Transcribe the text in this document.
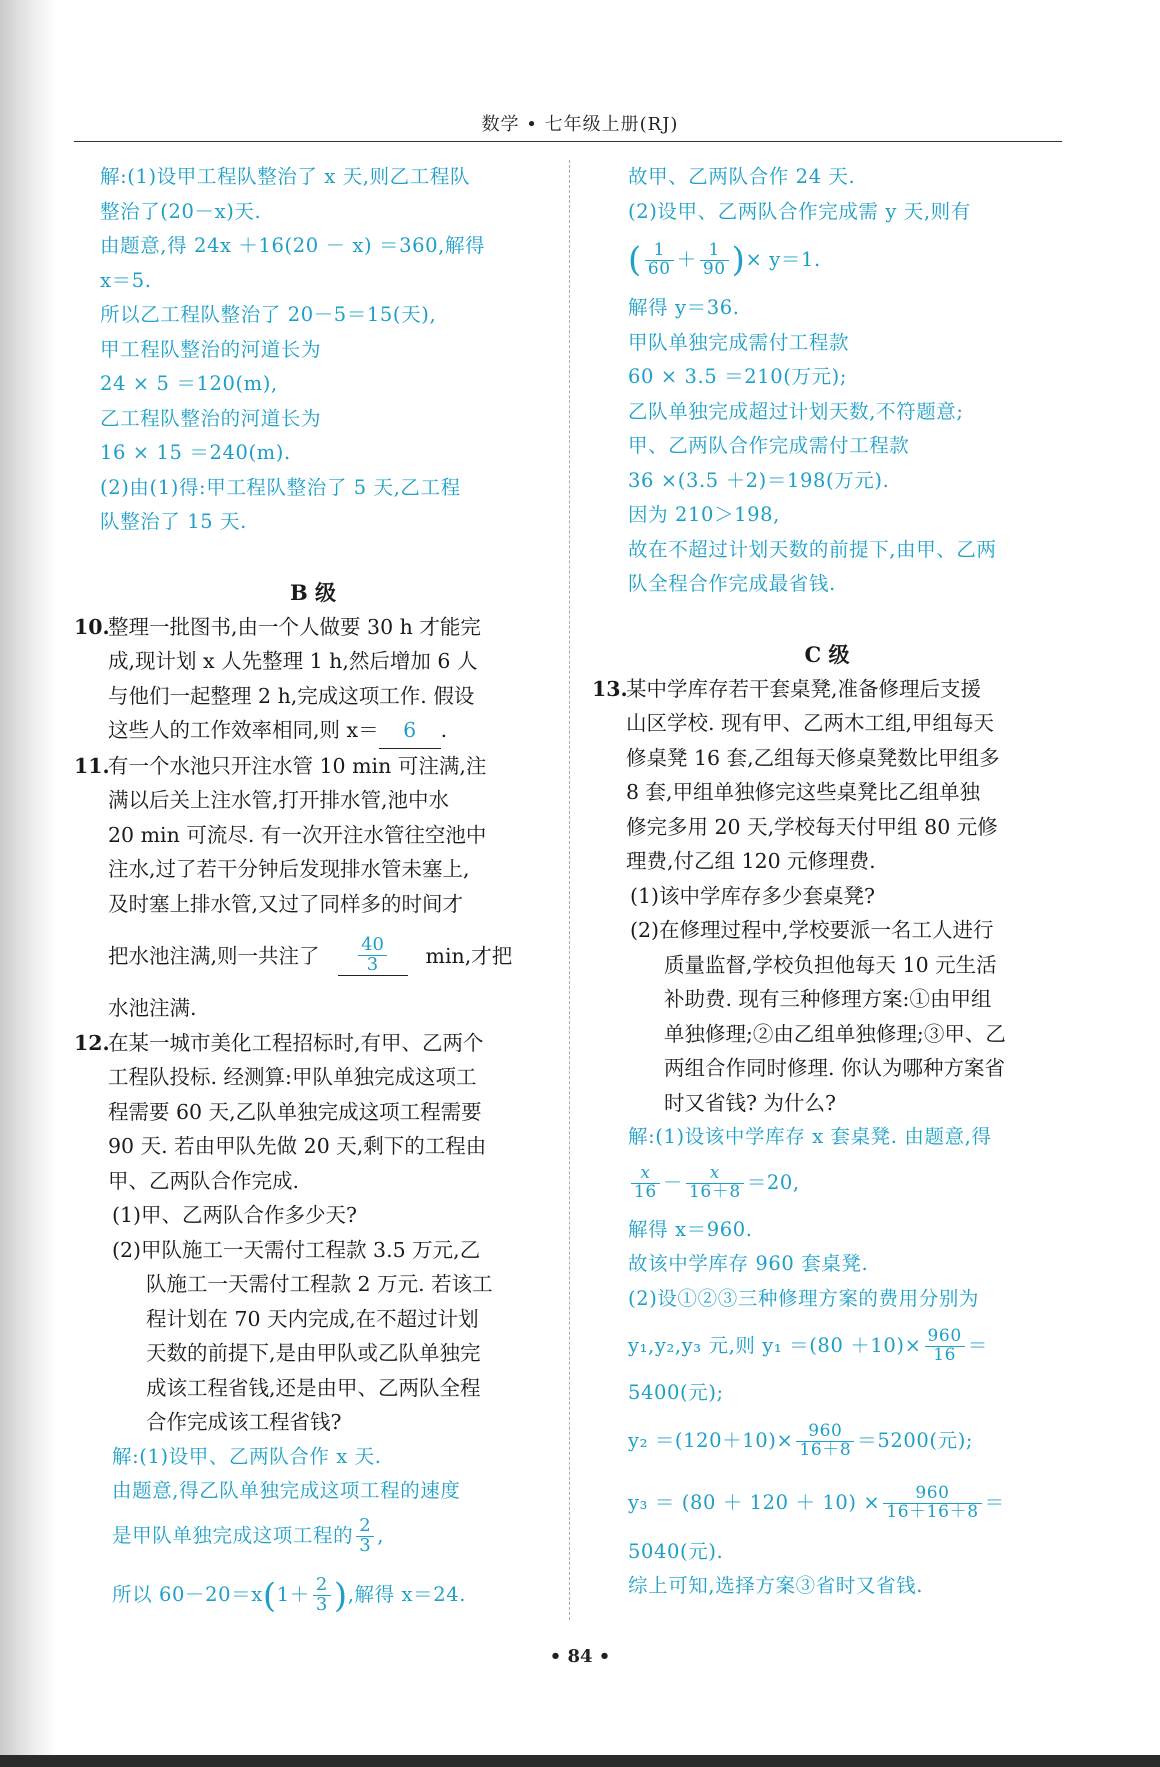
数学 • 七年级上册(RJ)
解:(1)设甲工程队整治了 x 天,则乙工程队
整治了(20－x)天.
由题意,得 24x ＋16(20 － x) ＝360,解得
x＝5.
所以乙工程队整治了 20－5＝15(天),
甲工程队整治的河道长为
24 × 5 ＝120(m),
乙工程队整治的河道长为
16 × 15 ＝240(m).
(2)由(1)得:甲工程队整治了 5 天,乙工程
队整治了 15 天.
B 级
10.
整理一批图书,由一个人做要 30 h 才能完
成,现计划 x 人先整理 1 h,然后增加 6 人
与他们一起整理 2 h,完成这项工作. 假设
这些人的工作效率相同,则 x＝ 6 .
11.
有一个水池只开注水管 10 min 可注满,注
满以后关上注水管,打开排水管,池中水
20 min 可流尽. 有一次开注水管往空池中
注水,过了若干分钟后发现排水管未塞上,
及时塞上排水管,又过了同样多的时间才
把水池注满,则一共注了 $\frac{40}{3} \min$,才把
水池注满.
12.
在某一城市美化工程招标时,有甲、乙两个
工程队投标. 经测算:甲队单独完成这项工
程需要 60 天,乙队单独完成这项工程需要
90 天. 若由甲队先做 20 天,剩下的工程由
甲、乙两队合作完成.
(1)甲、乙两队合作多少天?
(2)甲队施工一天需付工程款 3.5 万元,乙
队施工一天需付工程款 2 万元. 若该工
程计划在 70 天内完成,在不超过计划
天数的前提下,是由甲队或乙队单独完
成该工程省钱,还是由甲、乙两队全程
合作完成该工程省钱?
解:(1)设甲、乙两队合作 x 天.
由题意,得乙队单独完成这项工程的速度
是甲队单独完成这项工程的 $\frac{2}{3}$ ,
所以 60－20＝x ( $1+ \frac{2}{3}$ ) ,解得 x＝24.
故甲、乙两队合作 24 天.
(2)设甲、乙两队合作完成需 y 天,则有
( $\frac{1}{60} + \frac{1}{90}$ ) × y＝1.
解得 y＝36.
甲队单独完成需付工程款
60 × 3.5 ＝210(万元);
乙队单独完成超过计划天数,不符题意;
甲、乙两队合作完成需付工程款
36 ×(3.5 ＋2)＝198(万元).
因为 210＞198,
故在不超过计划天数的前提下,由甲、乙两
队全程合作完成最省钱.
C 级
13.
某中学库存若干套桌凳,准备修理后支援
山区学校. 现有甲、乙两木工组,甲组每天
修桌凳 16 套,乙组每天修桌凳数比甲组多
8 套,甲组单独修完这些桌凳比乙组单独
修完多用 20 天,学校每天付甲组 80 元修
理费,付乙组 120 元修理费.
(1)该中学库存多少套桌凳?
(2)在修理过程中,学校要派一名工人进行
质量监督,学校负担他每天 10 元生活
补助费. 现有三种修理方案:①由甲组
单独修理;②由乙组单独修理;③甲、乙
两组合作同时修理. 你认为哪种方案省
时又省钱? 为什么?
解:(1)设该中学库存 x 套桌凳. 由题意,得
$\frac{x}{16} - \frac{x}{16+8} =20$,
解得 x＝960.
故该中学库存 960 套桌凳.
(2)设①②③三种修理方案的费用分别为
y₁,y₂,y₃ 元,则 $y_1 =(80 +10)\times \frac{960}{16}$ ＝
5400(元);
$y_2 =(120+10)\times \frac{960}{16+8} =5200$(元);
$y_3 = (80 + 120 + 10) \times \frac{960}{16+16+8}$ ＝
5040(元).
综上可知,选择方案③省时又省钱.
• 84 •
